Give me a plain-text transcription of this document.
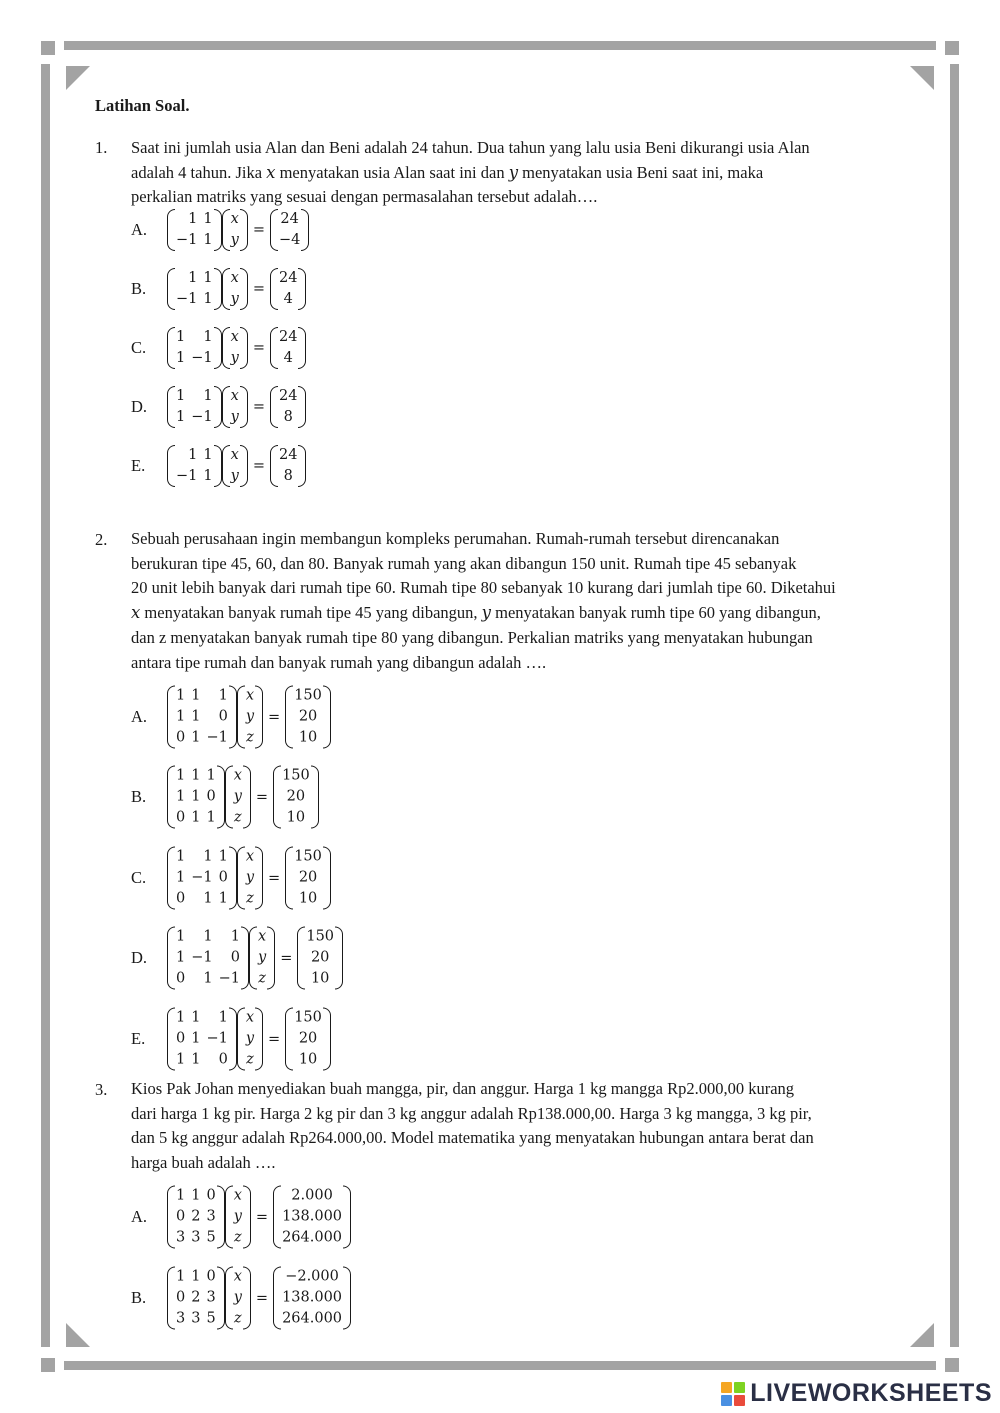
Latihan Soal.
1. Saat ini jumlah usia Alan dan Beni adalah 24 tahun. Dua tahun yang lalu usia Beni dikurangi usia Alan
adalah 4 tahun. Jika 𝑥 menyatakan usia Alan saat ini dan 𝑦 menyatakan usia Beni saat ini, maka
perkalian matriks yang sesuai dengan permasalahan tersebut adalah….
A.
1 1
−1 1
x
y
=
24
−4
B.
1 1
−1 1
x
y
=
24
4
C.
1 1
1 −1
x
y
=
24
4
D.
1 1
1 −1
x
y
=
24
8
E.
1 1
−1 1
x
y
=
24
8
2. Sebuah perusahaan ingin membangun kompleks perumahan. Rumah-rumah tersebut direncanakan
berukuran tipe 45, 60, dan 80. Banyak rumah yang akan dibangun 150 unit. Rumah tipe 45 sebanyak
20 unit lebih banyak dari rumah tipe 60. Rumah tipe 80 sebanyak 10 kurang dari jumlah tipe 60. Diketahui
𝑥 menyatakan banyak rumah tipe 45 yang dibangun, 𝑦 menyatakan banyak rumh tipe 60 yang dibangun,
dan z menyatakan banyak rumah tipe 80 yang dibangun. Perkalian matriks yang menyatakan hubungan
antara tipe rumah dan banyak rumah yang dibangun adalah ….
A.
1 1 1
1 1 0
0 1 −1
x
y
z
=
150
20
10
B.
1 1 1
1 1 0
0 1 1
x
y
z
=
150
20
10
C.
1 1 1
1 −1 0
0 1 1
x
y
z
=
150
20
10
D.
1 1 1
1 −1 0
0 1 −1
x
y
z
=
150
20
10
E.
1 1 1
0 1 −1
1 1 0
x
y
z
=
150
20
10
3. Kios Pak Johan menyediakan buah mangga, pir, dan anggur. Harga 1 kg mangga Rp2.000,00 kurang
dari harga 1 kg pir. Harga 2 kg pir dan 3 kg anggur adalah Rp138.000,00. Harga 3 kg mangga, 3 kg pir,
dan 5 kg anggur adalah Rp264.000,00. Model matematika yang menyatakan hubungan antara berat dan
harga buah adalah ….
A.
1 1 0
0 2 3
3 3 5
x
y
z
=
2.000
138.000
264.000
B.
1 1 0
0 2 3
3 3 5
x
y
z
=
−2.000
138.000
264.000
LIVEWORKSHEETS
